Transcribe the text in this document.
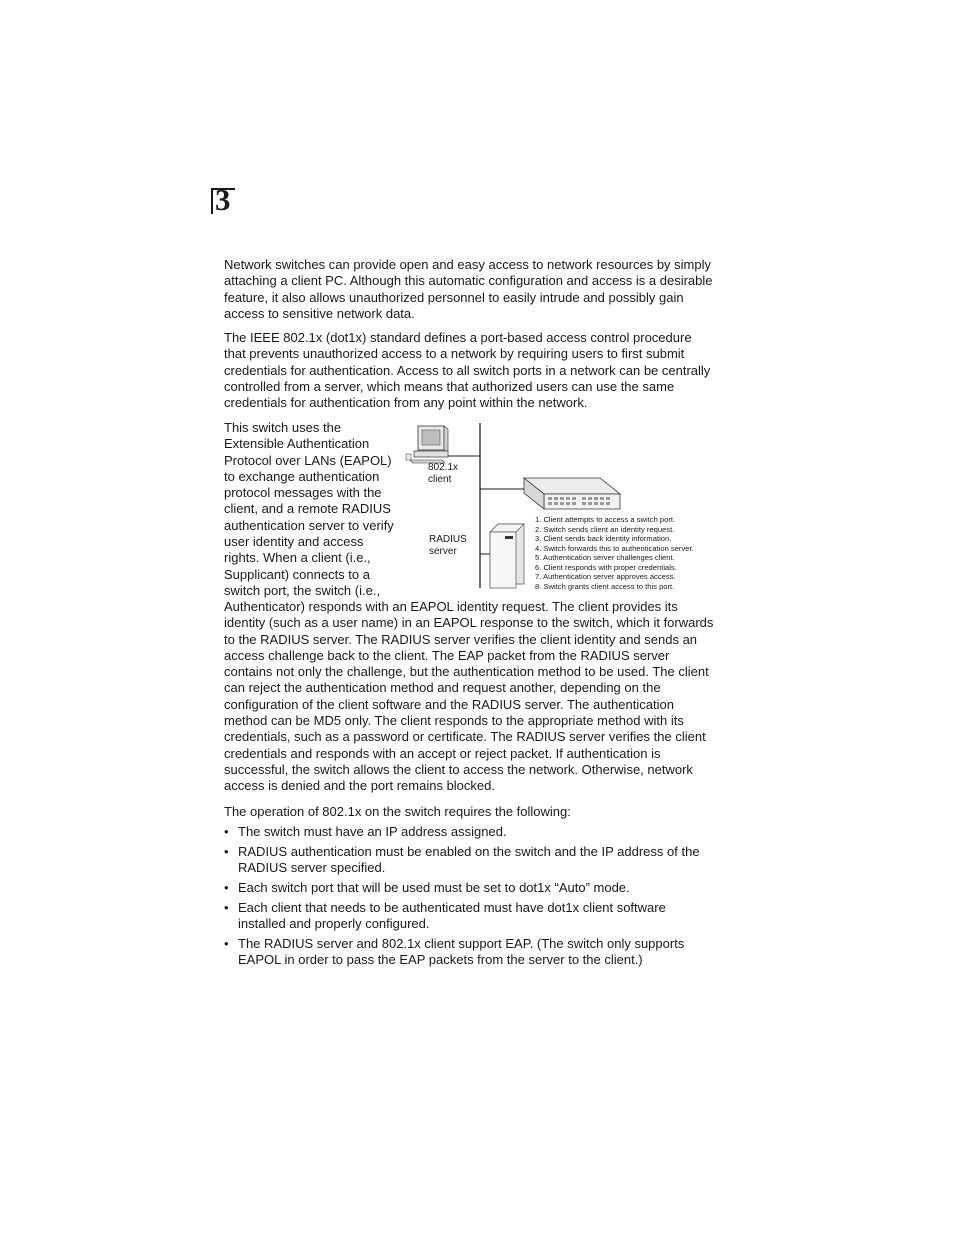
3

Network switches can provide open and easy access to network resources by simply attaching a client PC. Although this automatic configuration and access is a desirable feature, it also allows unauthorized personnel to easily intrude and possibly gain access to sensitive network data.

The IEEE 802.1x (dot1x) standard defines a port-based access control procedure that prevents unauthorized access to a network by requiring users to first submit credentials for authentication. Access to all switch ports in a network can be centrally controlled from a server, which means that authorized users can use the same credentials for authentication from any point within the network.

This switch uses the Extensible Authentication Protocol over LANs (EAPOL) to exchange authentication protocol messages with the client, and a remote RADIUS authentication server to verify user identity and access rights. When a client (i.e., Supplicant) connects to a switch port, the switch (i.e.,

802.1x
client
RADIUS
server
1. Client attempts to access a switch port.
2. Switch sends client an identity request.
3. Client sends back identity information.
4. Switch forwards this to authentication server.
5. Authentication server challenges client.
6. Client responds with proper credentials.
7. Authentication server approves access.
8. Switch grants client access to this port.

Authenticator) responds with an EAPOL identity request. The client provides its identity (such as a user name) in an EAPOL response to the switch, which it forwards to the RADIUS server. The RADIUS server verifies the client identity and sends an access challenge back to the client. The EAP packet from the RADIUS server contains not only the challenge, but the authentication method to be used. The client can reject the authentication method and request another, depending on the configuration of the client software and the RADIUS server. The authentication method can be MD5 only. The client responds to the appropriate method with its credentials, such as a password or certificate. The RADIUS server verifies the client credentials and responds with an accept or reject packet. If authentication is successful, the switch allows the client to access the network. Otherwise, network access is denied and the port remains blocked.

The operation of 802.1x on the switch requires the following:

• The switch must have an IP address assigned.
• RADIUS authentication must be enabled on the switch and the IP address of the RADIUS server specified.
• Each switch port that will be used must be set to dot1x “Auto” mode.
• Each client that needs to be authenticated must have dot1x client software installed and properly configured.
• The RADIUS server and 802.1x client support EAP. (The switch only supports EAPOL in order to pass the EAP packets from the server to the client.)
